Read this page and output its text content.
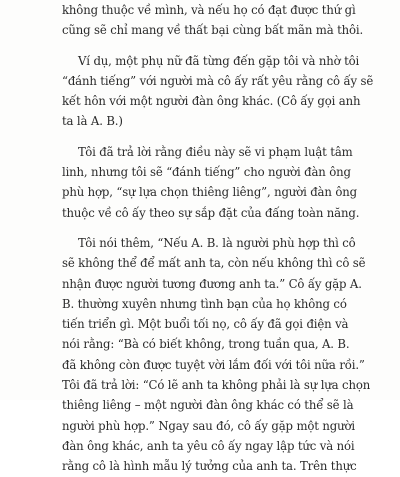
không thuộc về mình, và nếu họ có đạt được thứ gì
cũng sẽ chỉ mang về thất bại cùng bất mãn mà thôi.
Ví dụ, một phụ nữ đã từng đến gặp tôi và nhờ tôi
“đánh tiếng” với người mà cô ấy rất yêu rằng cô ấy sẽ
kết hôn với một người đàn ông khác. (Cô ấy gọi anh
ta là A. B.)
Tôi đã trả lời rằng điều này sẽ vi phạm luật tâm
linh, nhưng tôi sẽ “đánh tiếng” cho người đàn ông
phù hợp, “sự lựa chọn thiêng liêng”, người đàn ông
thuộc về cô ấy theo sự sắp đặt của đấng toàn năng.
Tôi nói thêm, “Nếu A. B. là người phù hợp thì cô
sẽ không thể để mất anh ta, còn nếu không thì cô sẽ
nhận được người tương đương anh ta.” Cô ấy gặp A.
B. thường xuyên nhưng tình bạn của họ không có
tiến triển gì. Một buổi tối nọ, cô ấy đã gọi điện và
nói rằng: “Bà có biết không, trong tuần qua, A. B.
đã không còn được tuyệt vời lắm đối với tôi nữa rồi.”
Tôi đã trả lời: “Có lẽ anh ta không phải là sự lựa chọn
thiêng liêng – một người đàn ông khác có thể sẽ là
người phù hợp.” Ngay sau đó, cô ấy gặp một người
đàn ông khác, anh ta yêu cô ấy ngay lập tức và nói
rằng cô là hình mẫu lý tưởng của anh ta. Trên thực
